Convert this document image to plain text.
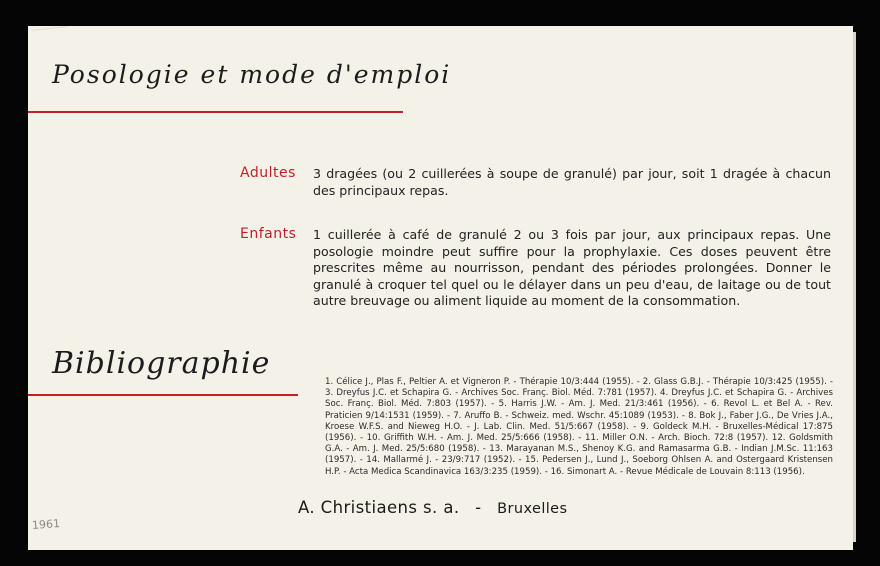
Posologie et mode d'emploi
Adultes 3 dragées (ou 2 cuillerées à soupe de granulé) par jour, soit 1 dragée à chacun des principaux repas.
Enfants 1 cuillerée à café de granulé 2 ou 3 fois par jour, aux principaux repas. Une posologie moindre peut suffire pour la prophylaxie. Ces doses peuvent être prescrites même au nourrisson, pendant des périodes prolongées. Donner le granulé à croquer tel quel ou le délayer dans un peu d'eau, de laitage ou de tout autre breuvage ou aliment liquide au moment de la consommation.
Bibliographie
1. Célice J., Plas F., Peltier A. et Vigneron P. - Thérapie 10/3:444 (1955). - 2. Glass G.B.J. - Thérapie 10/3:425 (1955). - 3. Dreyfus J.C. et Schapira G. - Archives Soc. Franç. Biol. Méd. 7:781 (1957). 4. Dreyfus J.C. et Schapira G. - Archives Soc. Franç. Biol. Méd. 7:803 (1957). - 5. Harris J.W. - Am. J. Med. 21/3:461 (1956). - 6. Revol L. et Bel A. - Rev. Praticien 9/14:1531 (1959). - 7. Aruffo B. - Schweiz. med. Wschr. 45:1089 (1953). - 8. Bok J., Faber J.G., De Vries J.A., Kroese W.F.S. and Nieweg H.O. - J. Lab. Clin. Med. 51/5:667 (1958). - 9. Goldeck M.H. - Bruxelles-Médical 17:875 (1956). - 10. Griffith W.H. - Am. J. Med. 25/5:666 (1958). - 11. Miller O.N. - Arch. Bioch. 72:8 (1957). 12. Goldsmith G.A. - Am. J. Med. 25/5:680 (1958). - 13. Marayanan M.S., Shenoy K.G. and Ramasarma G.B. - Indian J.M.Sc. 11:163 (1957). - 14. Mallarmé J. - 23/9:717 (1952). - 15. Pedersen J., Lund J., Soeborg Ohlsen A. and Ostergaard Kristensen H.P. - Acta Medica Scandinavica 163/3:235 (1959). - 16. Simonart A. - Revue Médicale de Louvain 8:113 (1956).
A. Christiaens s. a. - Bruxelles
1961
